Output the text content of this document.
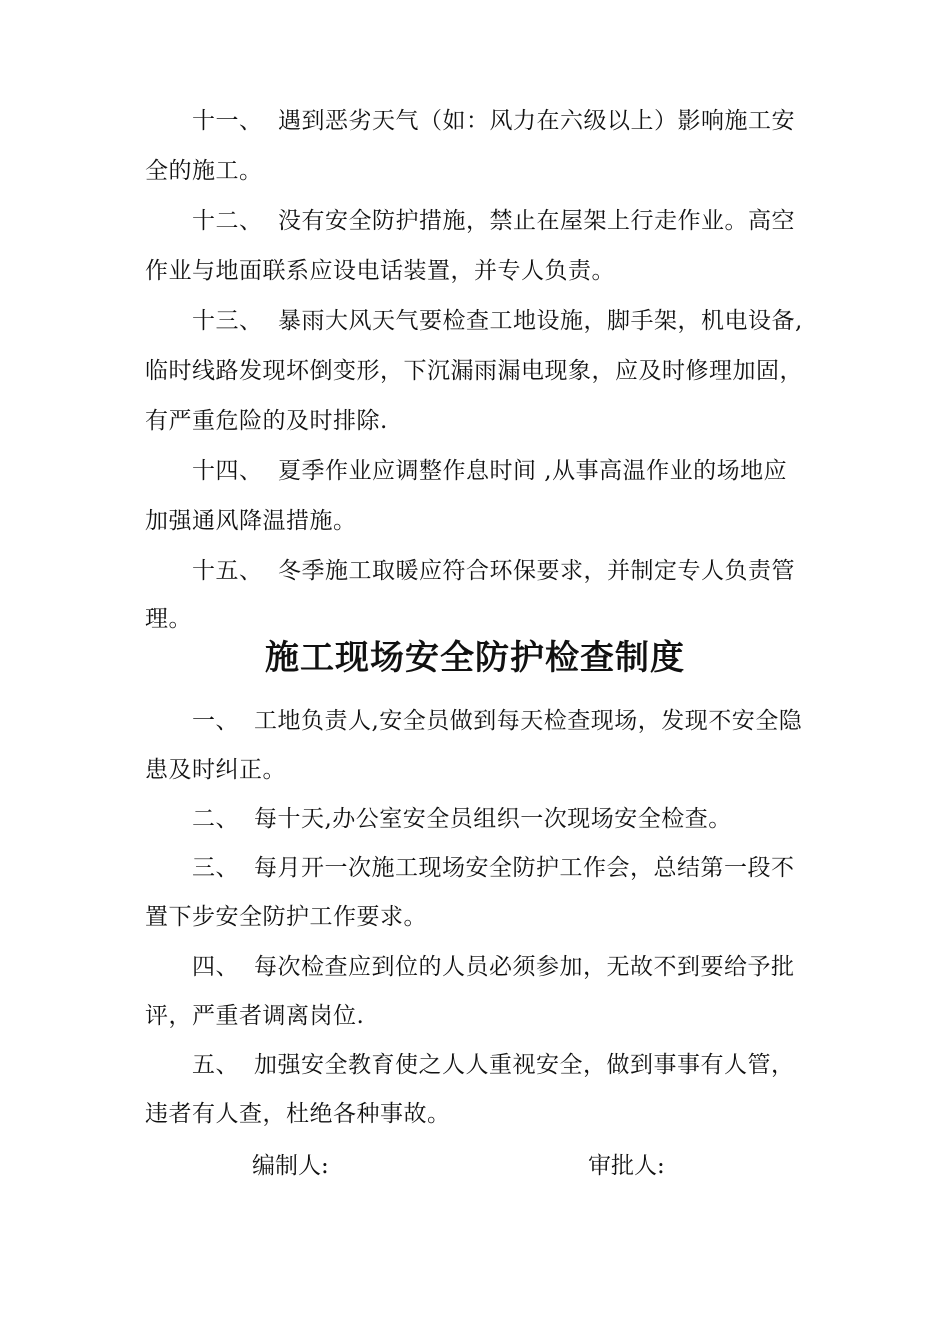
十一、 遇到恶劣天气（如：风力在六级以上）影响施工安
全的施工。
十二、 没有安全防护措施，禁止在屋架上行走作业。高空
作业与地面联系应设电话装置，并专人负责。
十三、 暴雨大风天气要检查工地设施，脚手架，机电设备,
临时线路发现坏倒变形，下沉漏雨漏电现象，应及时修理加固，
有严重危险的及时排除.
十四、 夏季作业应调整作息时间 ,从事高温作业的场地应
加强通风降温措施。
十五、 冬季施工取暖应符合环保要求，并制定专人负责管
理。
施工现场安全防护检查制度
一、 工地负责人,安全员做到每天检查现场，发现不安全隐
患及时纠正。
二、 每十天,办公室安全员组织一次现场安全检查。
三、 每月开一次施工现场安全防护工作会，总结第一段不
置下步安全防护工作要求。
四、 每次检查应到位的人员必须参加，无故不到要给予批
评，严重者调离岗位.
五、 加强安全教育使之人人重视安全，做到事事有人管，
违者有人查，杜绝各种事故。
编制人:	审批人:
